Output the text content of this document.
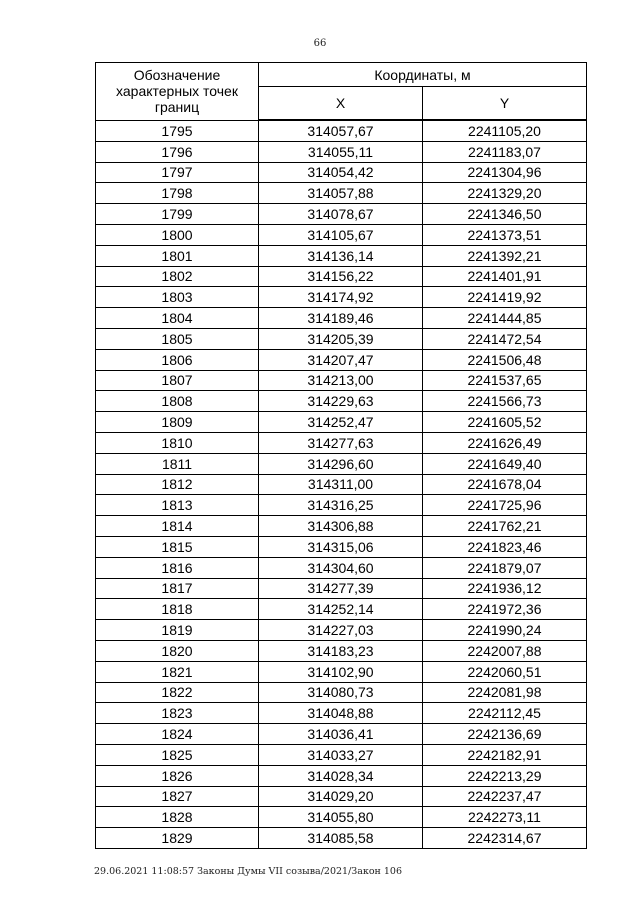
66
Обозначение характерных точек границ	Координаты, м	
	X	Y
1795	314057,67	2241105,20
1796	314055,11	2241183,07
1797	314054,42	2241304,96
1798	314057,88	2241329,20
1799	314078,67	2241346,50
1800	314105,67	2241373,51
1801	314136,14	2241392,21
1802	314156,22	2241401,91
1803	314174,92	2241419,92
1804	314189,46	2241444,85
1805	314205,39	2241472,54
1806	314207,47	2241506,48
1807	314213,00	2241537,65
1808	314229,63	2241566,73
1809	314252,47	2241605,52
1810	314277,63	2241626,49
1811	314296,60	2241649,40
1812	314311,00	2241678,04
1813	314316,25	2241725,96
1814	314306,88	2241762,21
1815	314315,06	2241823,46
1816	314304,60	2241879,07
1817	314277,39	2241936,12
1818	314252,14	2241972,36
1819	314227,03	2241990,24
1820	314183,23	2242007,88
1821	314102,90	2242060,51
1822	314080,73	2242081,98
1823	314048,88	2242112,45
1824	314036,41	2242136,69
1825	314033,27	2242182,91
1826	314028,34	2242213,29
1827	314029,20	2242237,47
1828	314055,80	2242273,11
1829	314085,58	2242314,67
29.06.2021 11:08:57 Законы Думы VII созыва/2021/Закон 106
